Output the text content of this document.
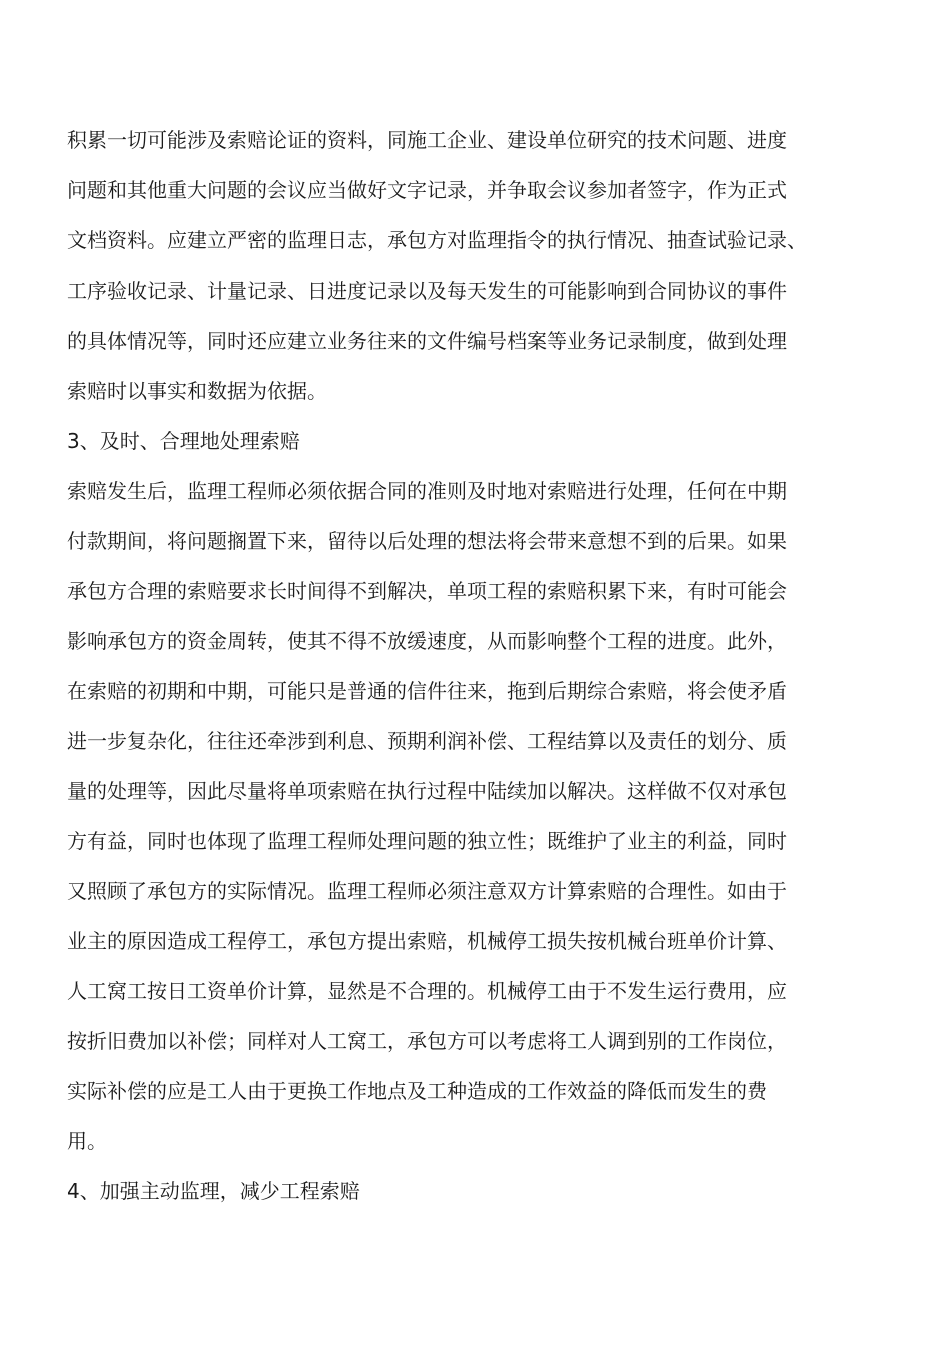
积累一切可能涉及索赔论证的资料，同施工企业、建设单位研究的技术问题、进度
问题和其他重大问题的会议应当做好文字记录，并争取会议参加者签字，作为正式
文档资料。应建立严密的监理日志，承包方对监理指令的执行情况、抽查试验记录、
工序验收记录、计量记录、日进度记录以及每天发生的可能影响到合同协议的事件
的具体情况等，同时还应建立业务往来的文件编号档案等业务记录制度，做到处理
索赔时以事实和数据为依据。
3、及时、合理地处理索赔
索赔发生后，监理工程师必须依据合同的准则及时地对索赔进行处理，任何在中期
付款期间，将问题搁置下来，留待以后处理的想法将会带来意想不到的后果。如果
承包方合理的索赔要求长时间得不到解决，单项工程的索赔积累下来，有时可能会
影响承包方的资金周转，使其不得不放缓速度，从而影响整个工程的进度。此外，
在索赔的初期和中期，可能只是普通的信件往来，拖到后期综合索赔，将会使矛盾
进一步复杂化，往往还牵涉到利息、预期利润补偿、工程结算以及责任的划分、质
量的处理等，因此尽量将单项索赔在执行过程中陆续加以解决。这样做不仅对承包
方有益，同时也体现了监理工程师处理问题的独立性；既维护了业主的利益，同时
又照顾了承包方的实际情况。监理工程师必须注意双方计算索赔的合理性。如由于
业主的原因造成工程停工，承包方提出索赔，机械停工损失按机械台班单价计算、
人工窝工按日工资单价计算，显然是不合理的。机械停工由于不发生运行费用，应
按折旧费加以补偿；同样对人工窝工，承包方可以考虑将工人调到别的工作岗位，
实际补偿的应是工人由于更换工作地点及工种造成的工作效益的降低而发生的费
用。
4、加强主动监理，减少工程索赔
